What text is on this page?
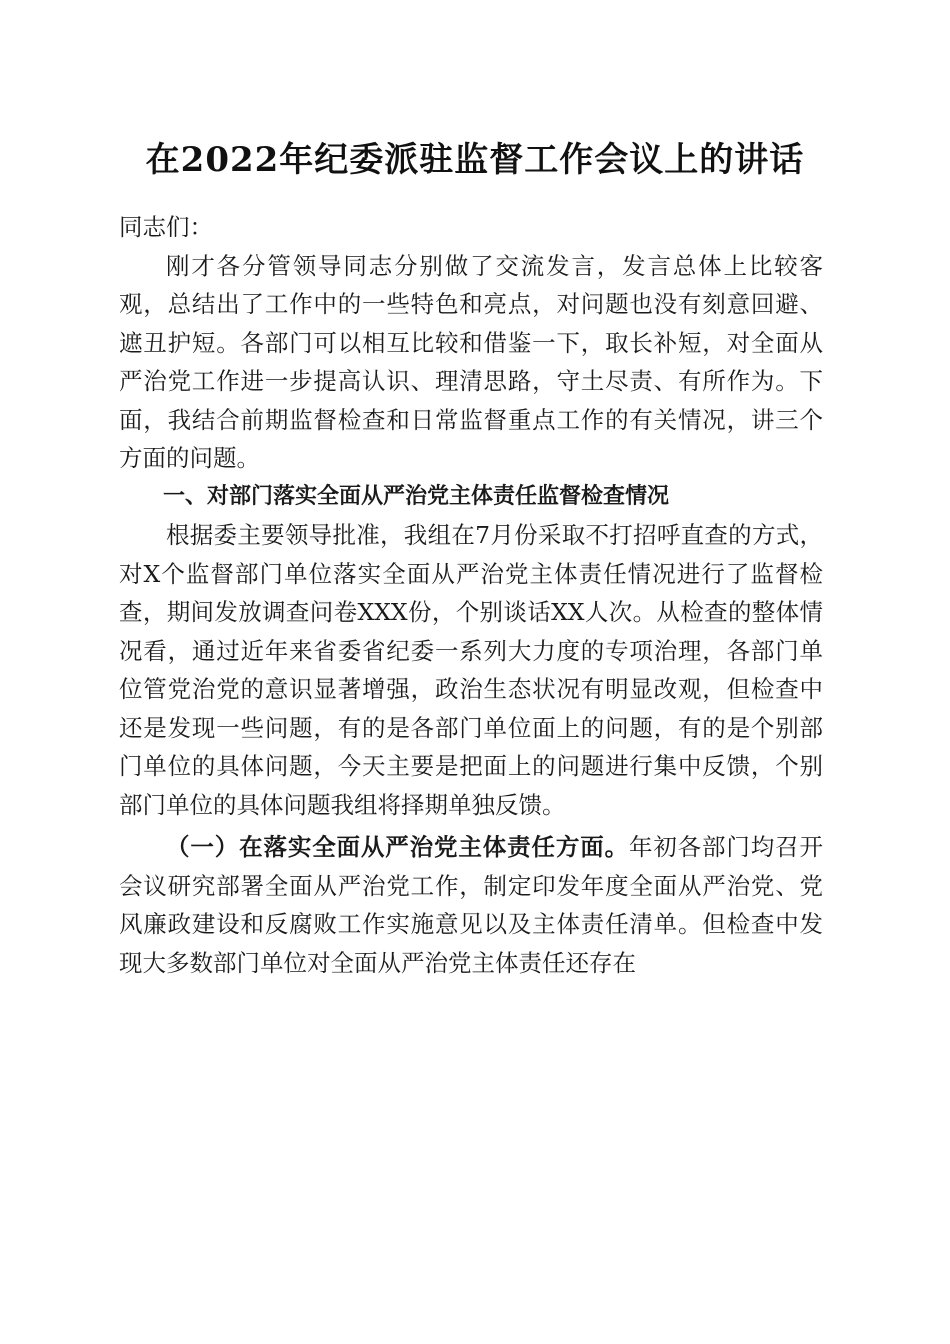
在2022年纪委派驻监督工作会议上的讲话

同志们：

刚才各分管领导同志分别做了交流发言，发言总体上比较客观，总结出了工作中的一些特色和亮点，对问题也没有刻意回避、遮丑护短。各部门可以相互比较和借鉴一下，取长补短，对全面从严治党工作进一步提高认识、理清思路，守土尽责、有所作为。下面，我结合前期监督检查和日常监督重点工作的有关情况，讲三个方面的问题。

一、对部门落实全面从严治党主体责任监督检查情况

根据委主要领导批准，我组在7月份采取不打招呼直查的方式，对X个监督部门单位落实全面从严治党主体责任情况进行了监督检查，期间发放调查问卷XXX份，个别谈话XX人次。从检查的整体情况看，通过近年来省委省纪委一系列大力度的专项治理，各部门单位管党治党的意识显著增强，政治生态状况有明显改观，但检查中还是发现一些问题，有的是各部门单位面上的问题，有的是个别部门单位的具体问题，今天主要是把面上的问题进行集中反馈，个别部门单位的具体问题我组将择期单独反馈。

（一）在落实全面从严治党主体责任方面。年初各部门均召开会议研究部署全面从严治党工作，制定印发年度全面从严治党、党风廉政建设和反腐败工作实施意见以及主体责任清单。但检查中发现大多数部门单位对全面从严治党主体责任还存在
